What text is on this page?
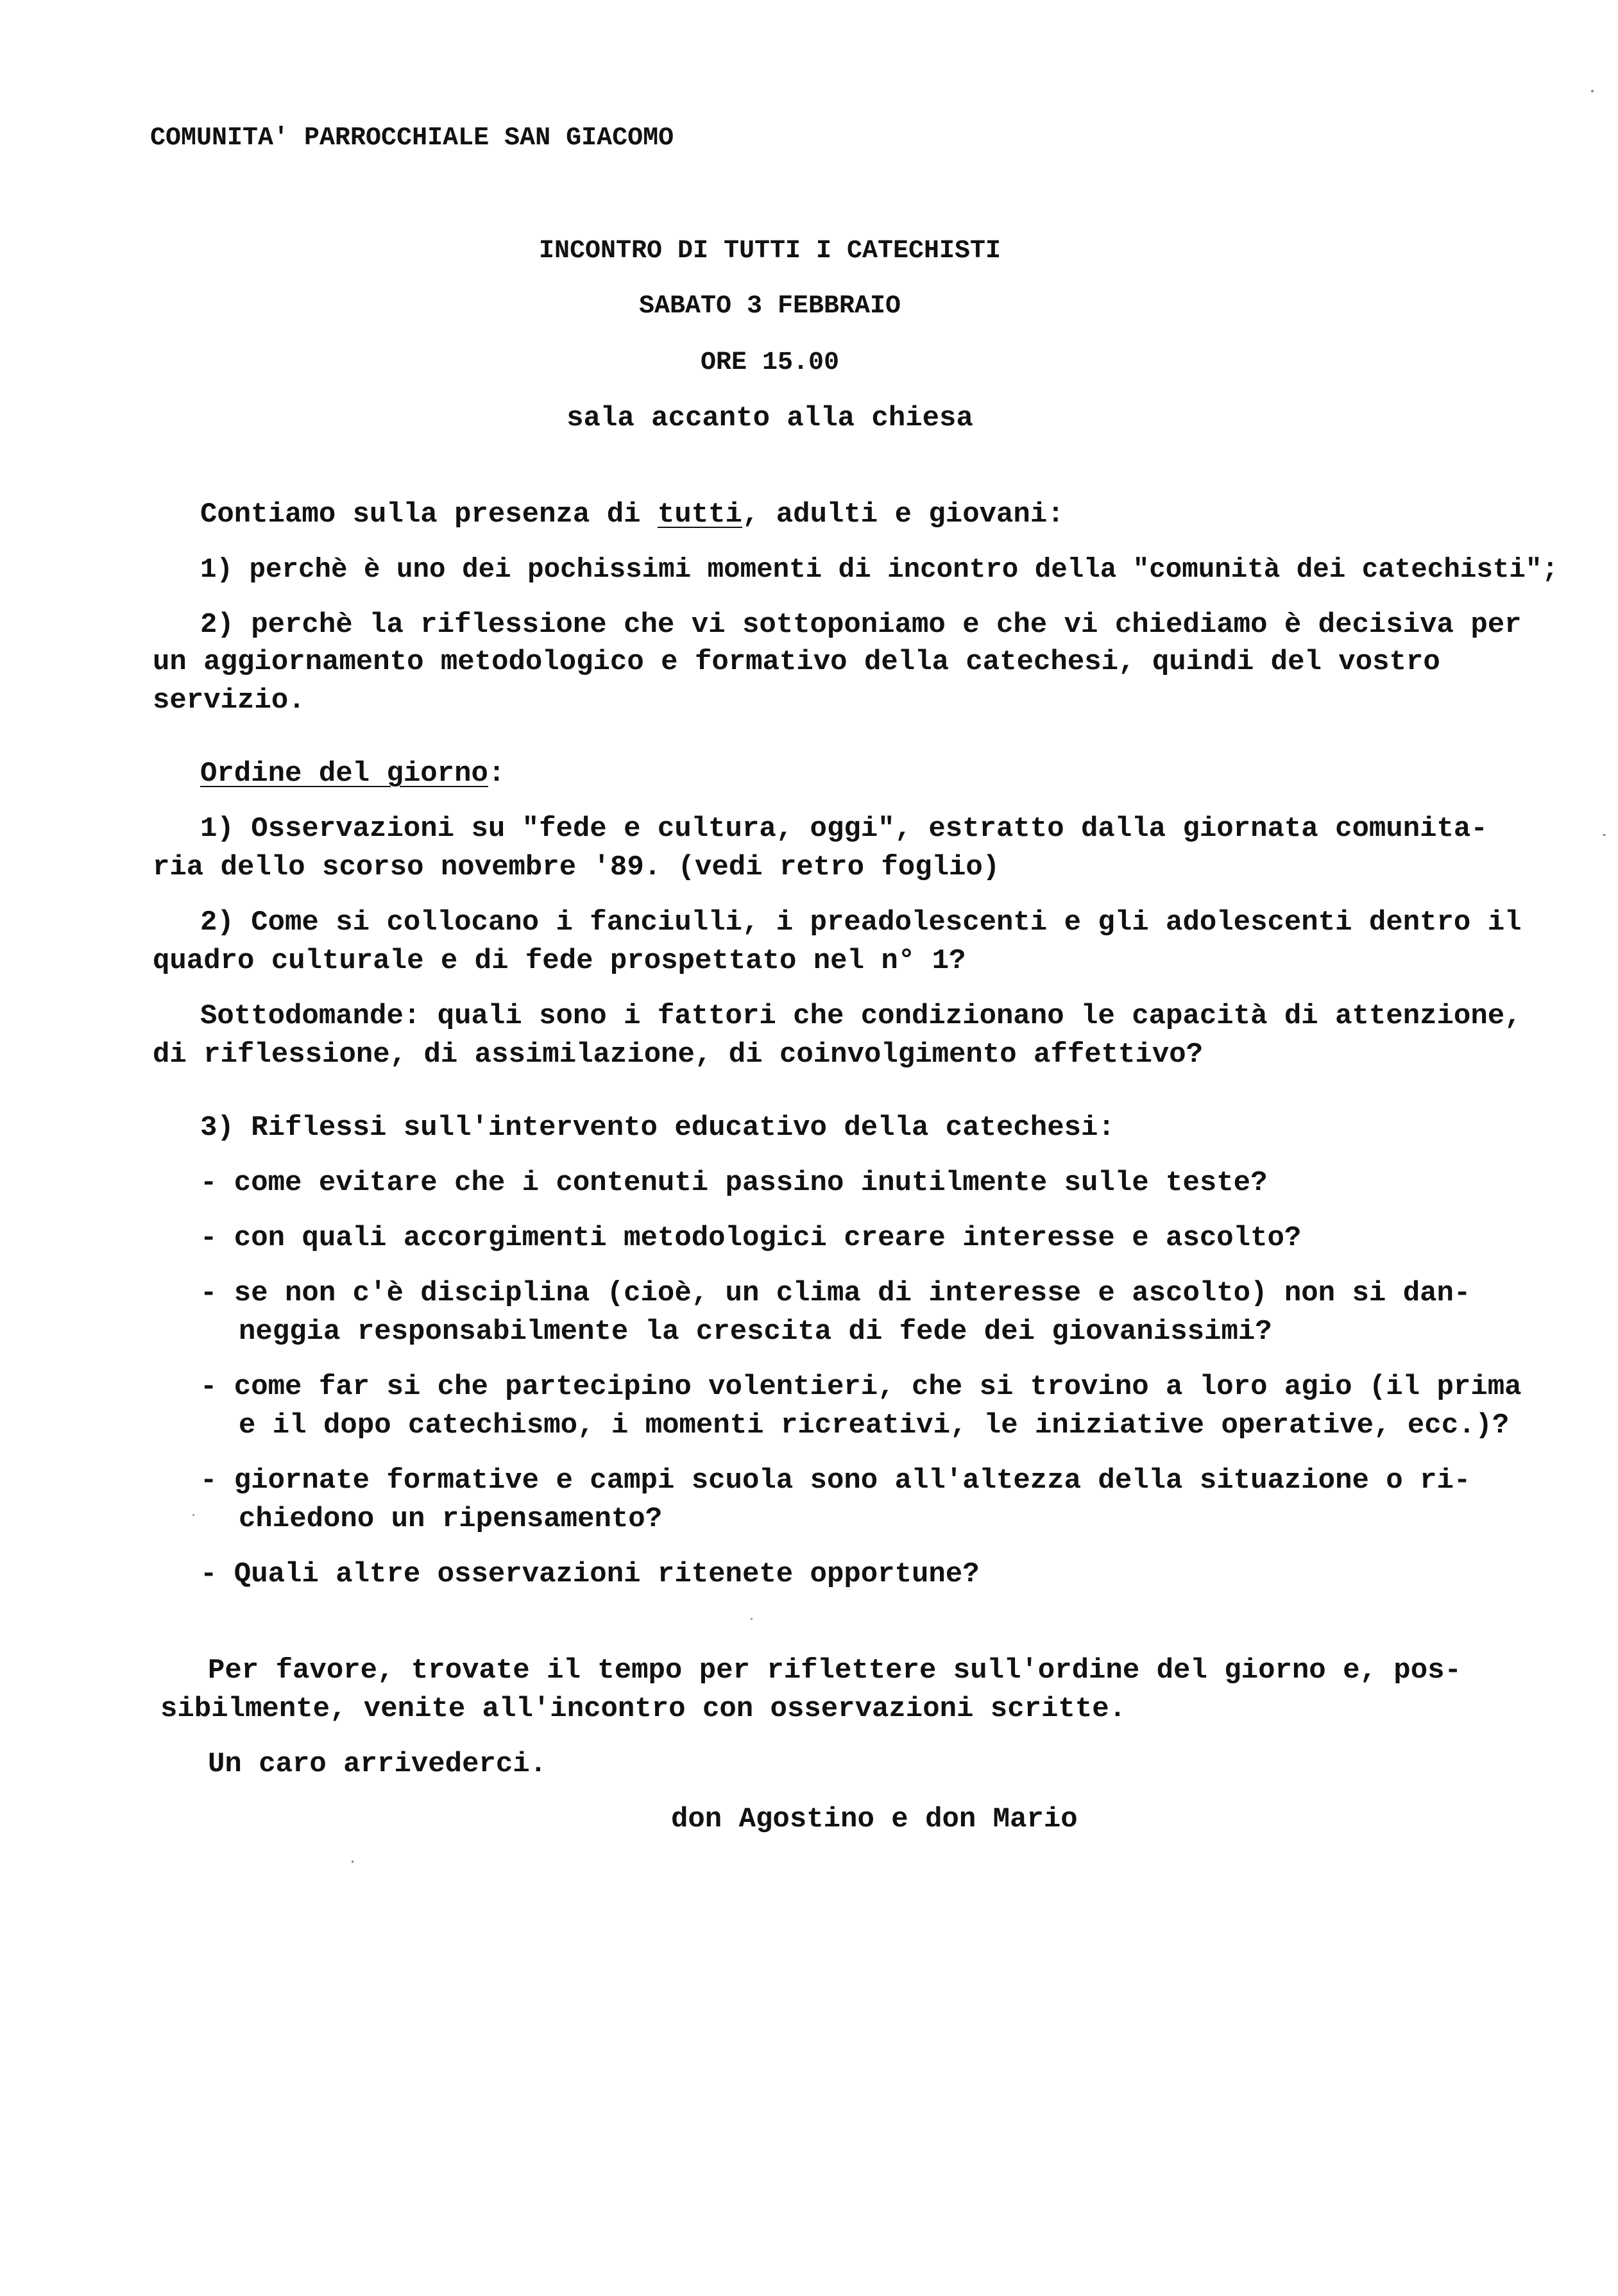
COMUNITA' PARROCCHIALE SAN GIACOMO
INCONTRO DI TUTTI I CATECHISTI
SABATO 3 FEBBRAIO
ORE 15.00
sala accanto alla chiesa
Contiamo sulla presenza di tutti, adulti e giovani:
1) perchè è uno dei pochissimi momenti di incontro della "comunità dei catechisti";
2) perchè la riflessione che vi sottoponiamo e che vi chiediamo è decisiva per
un aggiornamento metodologico e formativo della catechesi, quindi del vostro
servizio.
Ordine del giorno:
1) Osservazioni su "fede e cultura, oggi", estratto dalla giornata comunita-
ria dello scorso novembre '89. (vedi retro foglio)
2) Come si collocano i fanciulli, i preadolescenti e gli adolescenti dentro il
quadro culturale e di fede prospettato nel n° 1?
Sottodomande: quali sono i fattori che condizionano le capacità di attenzione,
di riflessione, di assimilazione, di coinvolgimento affettivo?
3) Riflessi sull'intervento educativo della catechesi:
- come evitare che i contenuti passino inutilmente sulle teste?
- con quali accorgimenti metodologici creare interesse e ascolto?
- se non c'è disciplina (cioè, un clima di interesse e ascolto) non si dan-
neggia responsabilmente la crescita di fede dei giovanissimi?
- come far si che partecipino volentieri, che si trovino a loro agio (il prima
e il dopo catechismo, i momenti ricreativi, le iniziative operative, ecc.)?
- giornate formative e campi scuola sono all'altezza della situazione o ri-
chiedono un ripensamento?
- Quali altre osservazioni ritenete opportune?
Per favore, trovate il tempo per riflettere sull'ordine del giorno e, pos-
sibilmente, venite all'incontro con osservazioni scritte.
Un caro arrivederci.
don Agostino e don Mario
